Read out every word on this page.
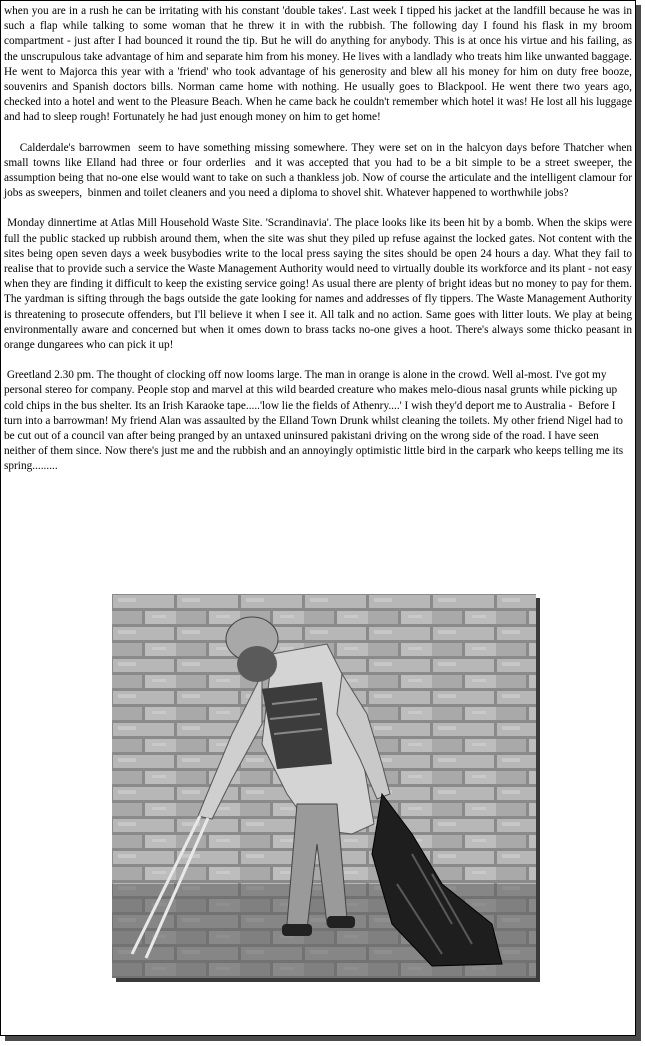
when you are in a rush he can be irritating with his constant 'double takes'. Last week I tipped his jacket at the landfill because he was in such a flap while talking to some woman that he threw it in with the rubbish. The following day I found his flask in my broom compartment - just after I had bounced it round the tip. But he will do anything for anybody. This is at once his virtue and his failing, as the unscrupulous take advantage of him and separate him from his money. He lives with a landlady who treats him like unwanted baggage. He went to Majorca this year with a 'friend' who took advantage of his generosity and blew all his money for him on duty free booze, souvenirs and Spanish doctors bills. Norman came home with nothing. He usually goes to Blackpool. He went there two years ago, checked into a hotel and went to the Pleasure Beach. When he came back he couldn't remember which hotel it was! He lost all his luggage and had to sleep rough! Fortunately he had just enough money on him to get home!

Calderdale's barrowmen  seem to have something missing somewhere. They were set on in the halcyon days before Thatcher when small towns like Elland had three or four orderlies  and it was accepted that you had to be a bit simple to be a street sweeper, the assumption being that no-one else would want to take on such a thankless job. Now of course the articulate and the intelligent clamour for jobs as sweepers,  binmen and toilet cleaners and you need a diploma to shovel shit. Whatever happened to worthwhile jobs?

Monday dinnertime at Atlas Mill Household Waste Site. 'Scrandinavia'. The place looks like its been hit by a bomb. When the skips were full the public stacked up rubbish around them, when the site was shut they piled up refuse against the locked gates. Not content with the sites being open seven days a week busybodies write to the local press saying the sites should be open 24 hours a day. What they fail to realise that to provide such a service the Waste Management Authority would need to virtually double its workforce and its plant - not easy when they are finding it difficult to keep the existing service going! As usual there are plenty of bright ideas but no money to pay for them. The yardman is sifting through the bags outside the gate looking for names and addresses of fly tippers. The Waste Management Authority is threatening to prosecute offenders, but I'll believe it when I see it. All talk and no action. Same goes with litter louts. We play at being environmentally aware and concerned but when it omes down to brass tacks no-one gives a hoot. There's always some thicko peasant in orange dungarees who can pick it up!

Greetland 2.30 pm. The thought of clocking off now looms large. The man in orange is alone in the crowd. Well al-most. I've got my personal stereo for company. People stop and marvel at this wild bearded creature who makes melo-dious nasal grunts while picking up cold chips in the bus shelter. Its an Irish Karaoke tape.....'low lie the fields of Athenry....' I wish they'd deport me to Australia -  Before I turn into a barrowman! My friend Alan was assaulted by the Elland Town Drunk whilst cleaning the toilets. My other friend Nigel had to be cut out of a council van after being pranged by an untaxed uninsured pakistani driving on the wrong side of the road. I have seen neither of them since. Now there's just me and the rubbish and an annoyingly optimistic little bird in the carpark who keeps telling me its spring.........
